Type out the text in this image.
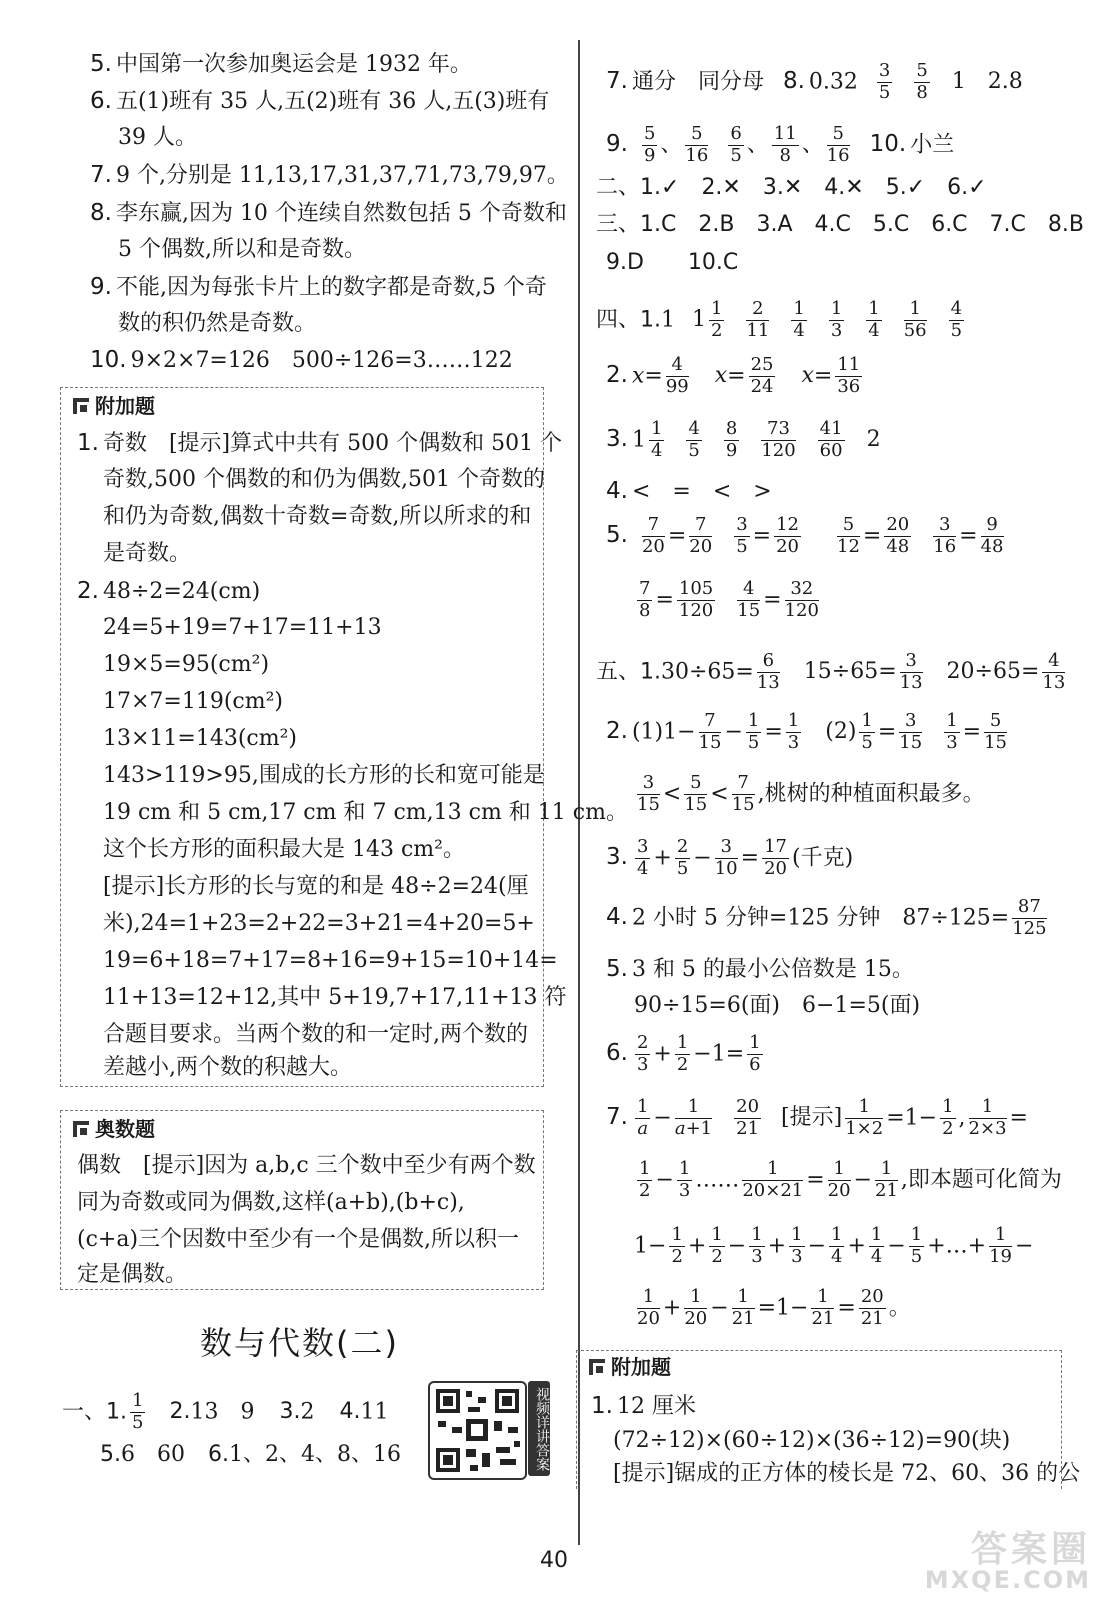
5. 中国第一次参加奥运会是 1932 年。
6. 五(1)班有 35 人,五(2)班有 36 人,五(3)班有
39 人。
7. 9 个,分别是 11,13,17,31,37,71,73,79,97。
8. 李东赢,因为 10 个连续自然数包括 5 个奇数和
5 个偶数,所以和是奇数。
9. 不能,因为每张卡片上的数字都是奇数,5 个奇
数的积仍然是奇数。
10. 9×2×7=126　500÷126=3……122
附加题
1. 奇数　[提示]算式中共有 500 个偶数和 501 个
奇数,500 个偶数的和仍为偶数,501 个奇数的
和仍为奇数,偶数十奇数=奇数,所以所求的和
是奇数。
2. 48÷2=24(cm)
24=5+19=7+17=11+13
19×5=95(cm²)
17×7=119(cm²)
13×11=143(cm²)
143>119>95,围成的长方形的长和宽可能是
19 cm 和 5 cm,17 cm 和 7 cm,13 cm 和 11 cm。
这个长方形的面积最大是 143 cm²。
[提示]长方形的长与宽的和是 48÷2=24(厘
米),24=1+23=2+22=3+21=4+20=5+
19=6+18=7+17=8+16=9+15=10+14=
11+13=12+12,其中 5+19,7+17,11+13 符
合题目要求。当两个数的和一定时,两个数的
差越小,两个数的积越大。
奥数题
偶数　[提示]因为 a,b,c 三个数中至少有两个数
同为奇数或同为偶数,这样(a+b),(b+c),
(c+a)三个因数中至少有一个是偶数,所以积一
定是偶数。
数与代数(二)
一、1. $\frac{1}{5} 2.13$　9 3.2 4.11
5.6　60 6.1、2、4、8、16	视频详讲答案
7. 通分　同分母 8. $0.32 \frac{3}{5}$
$\frac{5}{8} 1$　2.8
9. $\frac{5}{9}$ 、 $\frac{5}{16}$
$\frac{6}{5}$ 、 $\frac{11}{8}$ 、 $\frac{5}{16} 10$. 小兰
二、1.✓　2.✕　3.✕　4.✕　5.✓　6.✓
三、1.C　2.B　3.A　4.C　5.C　6.C　7.C　8.B
9.D　　10.C
四、1.1 $1 \frac{1}{2}$
$\frac{2}{11}$
$\frac{1}{4}$
$\frac{1}{3}$
$\frac{1}{4}$
$\frac{1}{56}$
$\frac{4}{5}$
2. $x= \frac{4}{99} x= \frac{25}{24} x= \frac{11}{36}$
3. $1 \frac{1}{4}$
$\frac{4}{5}$
$\frac{8}{9}$
$\frac{73}{120}$
$\frac{41}{60} 2$
4. <　=　<　>
5. $\frac{7}{20} = \frac{7}{20}$
$\frac{3}{5} = \frac{12}{20}$
$\frac{5}{12} = \frac{20}{48}$
$\frac{3}{16} = \frac{9}{48}$
$\frac{7}{8} = \frac{105}{120}$
$\frac{4}{15} = \frac{32}{120}$
五、$1.30\div 65= \frac{6}{13} 15\div 65= \frac{3}{13} 20\div 65= \frac{4}{13}$
2. $(1)1- \frac{7}{15} - \frac{1}{5} = \frac{1}{3} (2) \frac{1}{5} = \frac{3}{15}$
$\frac{1}{3} = \frac{5}{15}$
$\frac{3}{15} < \frac{5}{15} < \frac{7}{15}$ ,桃树的种植面积最多。
3. $\frac{3}{4} + \frac{2}{5} - \frac{3}{10} = \frac{17}{20}$ (千克)
4. 2 小时 5 分钟=125 分钟　$87\div 125= \frac{87}{125}$
5. 3 和 5 的最小公倍数是 15。
90÷15=6(面)　6−1=5(面)
6. $\frac{2}{3} + \frac{1}{2} -1= \frac{1}{6}$
7. $\frac{1}{a} - \frac{1}{a+1}$
$\frac{20}{21}$ [提示] $\frac{1}{1\times 2} =1- \frac{1}{2}$ , $\frac{1}{2\times 3}$ =
$\frac{1}{2} - \frac{1}{3}$ …… $\frac{1}{20\times 21} = \frac{1}{20} - \frac{1}{21}$ ,即本题可化简为
$1- \frac{1}{2} + \frac{1}{2} - \frac{1}{3} + \frac{1}{3} - \frac{1}{4} + \frac{1}{4} - \frac{1}{5}$ +…+ $\frac{1}{19}$ −
$\frac{1}{20} + \frac{1}{20} - \frac{1}{21} =1- \frac{1}{21} = \frac{20}{21}$ 。
附加题
1. 12 厘米
(72÷12)×(60÷12)×(36÷12)=90(块)
[提示]锯成的正方体的棱长是 72、60、36 的公
40	答案圈
MXQE.COM
